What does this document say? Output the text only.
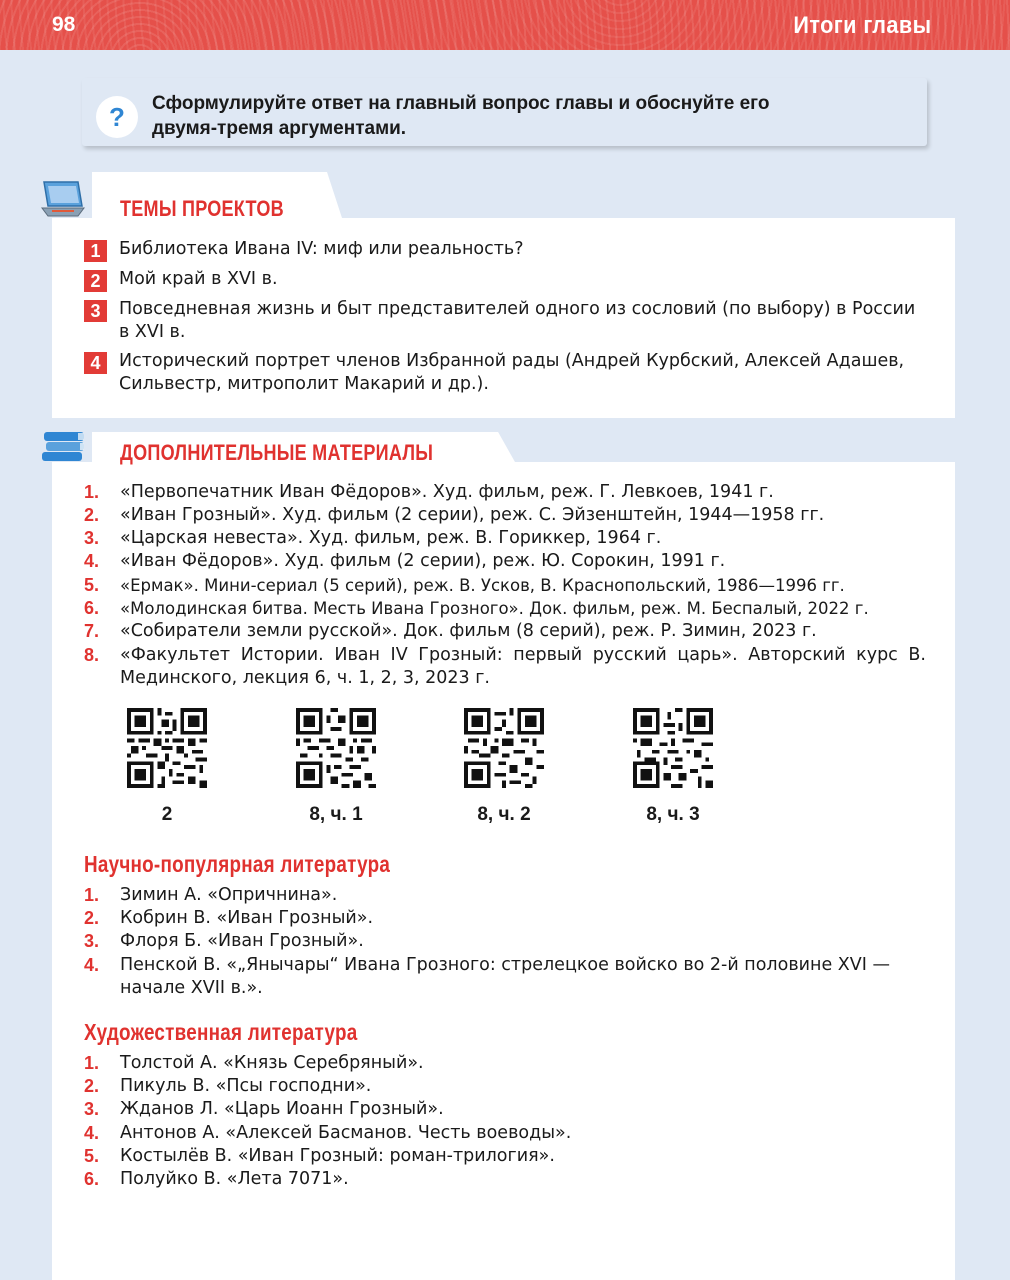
98	Итоги главы
?	Сформулируйте ответ на главный вопрос главы и обоснуйте его
двумя-тремя аргументами.
ТЕМЫ ПРОЕКТОВ
1	Библиотека Ивана IV: миф или реальность?
2	Мой край в XVI в.
3	Повседневная жизнь и быт представителей одного из сословий (по выбору) в России в XVI в.
4	Исторический портрет членов Избранной рады (Андрей Курбский, Алексей Адашев, Сильвестр, митрополит Макарий и др.).
ДОПОЛНИТЕЛЬНЫЕ МАТЕРИАЛЫ
1. «Первопечатник Иван Фёдоров». Худ. фильм, реж. Г. Левкоев, 1941 г.
2. «Иван Грозный». Худ. фильм (2 серии), реж. С. Эйзенштейн, 1944—1958 гг.
3. «Царская невеста». Худ. фильм, реж. В. Гориккер, 1964 г.
4. «Иван Фёдоров». Худ. фильм (2 серии), реж. Ю. Сорокин, 1991 г.
5. «Ермак». Мини-сериал (5 серий), реж. В. Усков, В. Краснопольский, 1986—1996 гг.
6. «Молодинская битва. Месть Ивана Грозного». Док. фильм, реж. М. Беспалый, 2022 г.
7. «Собиратели земли русской». Док. фильм (8 серий), реж. Р. Зимин, 2023 г.
8. «Факультет Истории. Иван IV Грозный: первый русский царь». Авторский курс В. Мединского, лекция 6, ч. 1, 2, 3, 2023 г.
2	8, ч. 1	8, ч. 2	8, ч. 3
Научно-популярная литература
1. Зимин А. «Опричнина».
2. Кобрин В. «Иван Грозный».
3. Флоря Б. «Иван Грозный».
4. Пенской В. «„Янычары“ Ивана Грозного: стрелецкое войско во 2-й половине XVI — начале XVII в.».
Художественная литература
1. Толстой А. «Князь Серебряный».
2. Пикуль В. «Псы господни».
3. Жданов Л. «Царь Иоанн Грозный».
4. Антонов А. «Алексей Басманов. Честь воеводы».
5. Костылёв В. «Иван Грозный: роман-трилогия».
6. Полуйко В. «Лета 7071».
